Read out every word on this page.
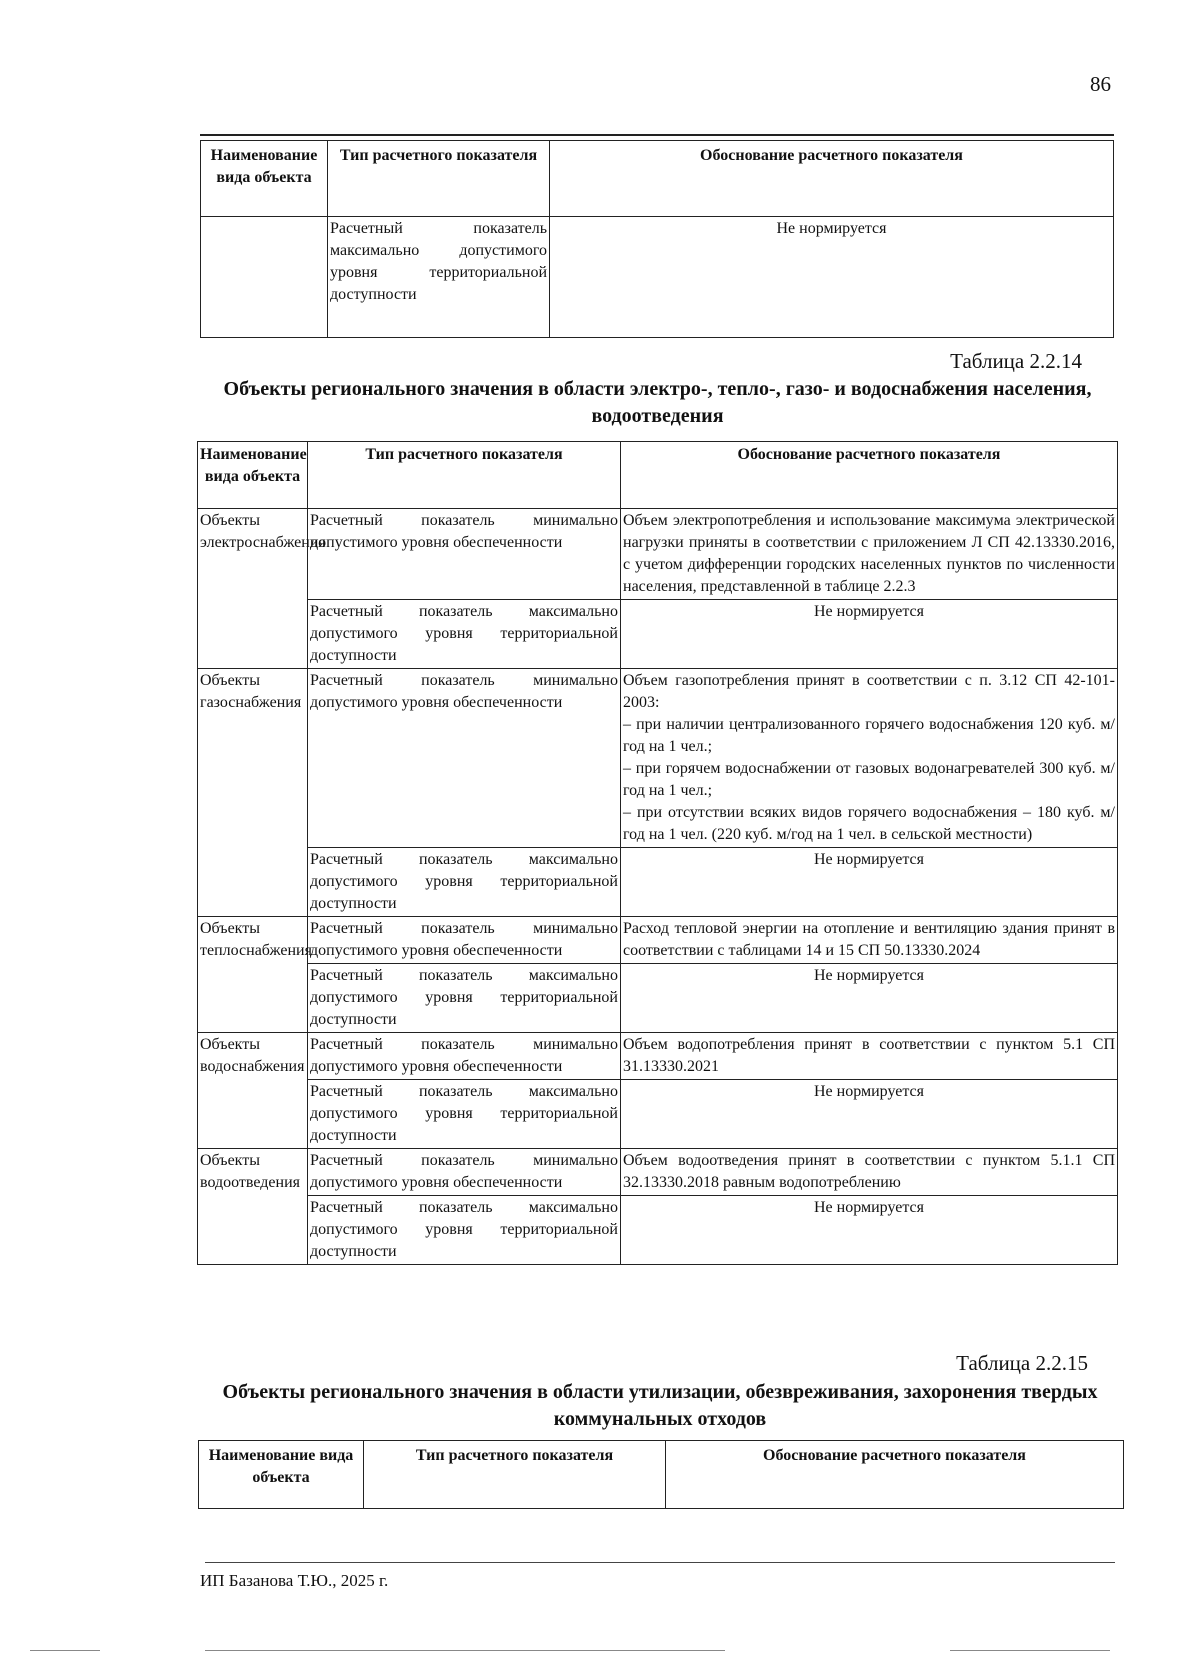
86
Наименование вида объекта	Тип расчетного показателя	Обоснование расчетного показателя
	Расчетный показатель максимально допустимого уровня территориальной доступности	Не нормируется
Таблица 2.2.14
Объекты регионального значения в области электро-, тепло-, газо- и водоснабжения населения, водоотведения
Наименование вида объекта	Тип расчетного показателя	Обоснование расчетного показателя
Объекты электроснабжения	Расчетный показатель минимально допустимого уровня обеспеченности	Объем электропотребления и использование максимума электрической нагрузки приняты в соответствии с приложением Л СП 42.13330.2016, с учетом дифференции городских населенных пунктов по численности населения, представленной в таблице 2.2.3
	Расчетный показатель максимально допустимого уровня территориальной доступности	Не нормируется
Объекты газоснабжения	Расчетный показатель минимально допустимого уровня обеспеченности	Объем газопотребления принят в соответствии с п. 3.12 СП 42-101-2003:
– при наличии централизованного горячего водоснабжения 120 куб. м/год на 1 чел.;
– при горячем водоснабжении от газовых водонагревателей 300 куб. м/год на 1 чел.;
– при отсутствии всяких видов горячего водоснабжения – 180 куб. м/год на 1 чел. (220 куб. м/год на 1 чел. в сельской местности)

	Расчетный показатель максимально допустимого уровня территориальной доступности	Не нормируется
Объекты теплоснабжения	Расчетный показатель минимально допустимого уровня обеспеченности	Расход тепловой энергии на отопление и вентиляцию здания принят в соответствии с таблицами 14 и 15 СП 50.13330.2024
	Расчетный показатель максимально допустимого уровня территориальной доступности	Не нормируется
Объекты водоснабжения	Расчетный показатель минимально допустимого уровня обеспеченности	Объем водопотребления принят в соответствии с пунктом 5.1 СП 31.13330.2021
	Расчетный показатель максимально допустимого уровня территориальной доступности	Не нормируется
Объекты водоотведения	Расчетный показатель минимально допустимого уровня обеспеченности	Объем водоотведения принят в соответствии с пунктом 5.1.1 СП 32.13330.2018 равным водопотреблению
	Расчетный показатель максимально допустимого уровня территориальной доступности	Не нормируется
Таблица 2.2.15
Объекты регионального значения в области утилизации, обезвреживания, захоронения твердых коммунальных отходов
Наименование вида объекта	Тип расчетного показателя	Обоснование расчетного показателя
ИП Базанова Т.Ю., 2025 г.
